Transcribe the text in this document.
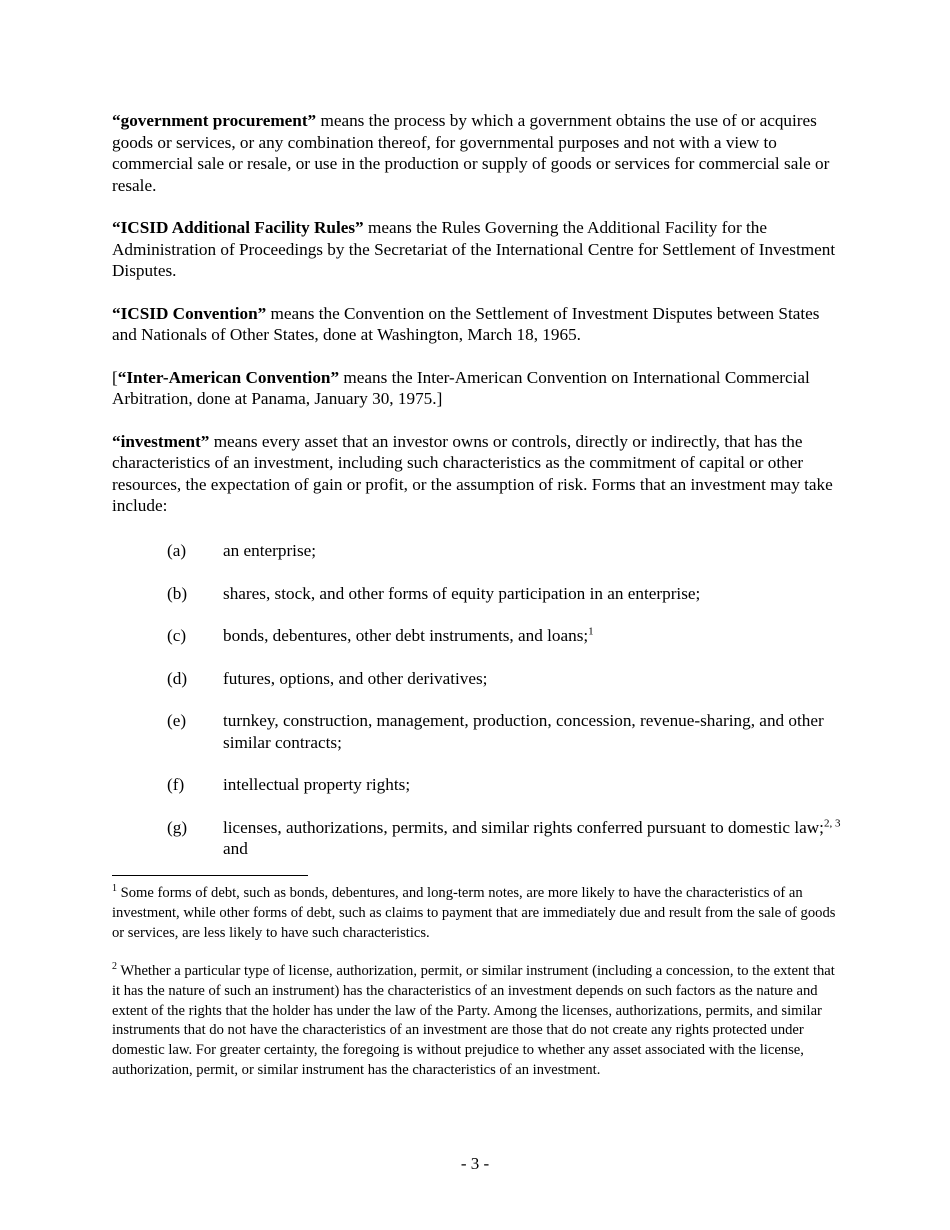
“government procurement” means the process by which a government obtains the use of or acquires goods or services, or any combination thereof, for governmental purposes and not with a view to commercial sale or resale, or use in the production or supply of goods or services for commercial sale or resale.

“ICSID Additional Facility Rules” means the Rules Governing the Additional Facility for the Administration of Proceedings by the Secretariat of the International Centre for Settlement of Investment Disputes.

“ICSID Convention” means the Convention on the Settlement of Investment Disputes between States and Nationals of Other States, done at Washington, March 18, 1965.

[“Inter-American Convention” means the Inter-American Convention on International Commercial Arbitration, done at Panama, January 30, 1975.]

“investment” means every asset that an investor owns or controls, directly or indirectly, that has the characteristics of an investment, including such characteristics as the commitment of capital or other resources, the expectation of gain or profit, or the assumption of risk. Forms that an investment may take include:

(a)	an enterprise;
(b)	shares, stock, and other forms of equity participation in an enterprise;
(c)	bonds, debentures, other debt instruments, and loans;$^1$
(d)	futures, options, and other derivatives;
(e)	turnkey, construction, management, production, concession, revenue-sharing, and other similar contracts;
(f)	intellectual property rights;
(g)	licenses, authorizations, permits, and similar rights conferred pursuant to domestic law;$^{2, 3}$ and

$^1$ Some forms of debt, such as bonds, debentures, and long-term notes, are more likely to have the characteristics of an investment, while other forms of debt, such as claims to payment that are immediately due and result from the sale of goods or services, are less likely to have such characteristics.

$^2$ Whether a particular type of license, authorization, permit, or similar instrument (including a concession, to the extent that it has the nature of such an instrument) has the characteristics of an investment depends on such factors as the nature and extent of the rights that the holder has under the law of the Party. Among the licenses, authorizations, permits, and similar instruments that do not have the characteristics of an investment are those that do not create any rights protected under domestic law. For greater certainty, the foregoing is without prejudice to whether any asset associated with the license, authorization, permit, or similar instrument has the characteristics of an investment.

- 3 -
